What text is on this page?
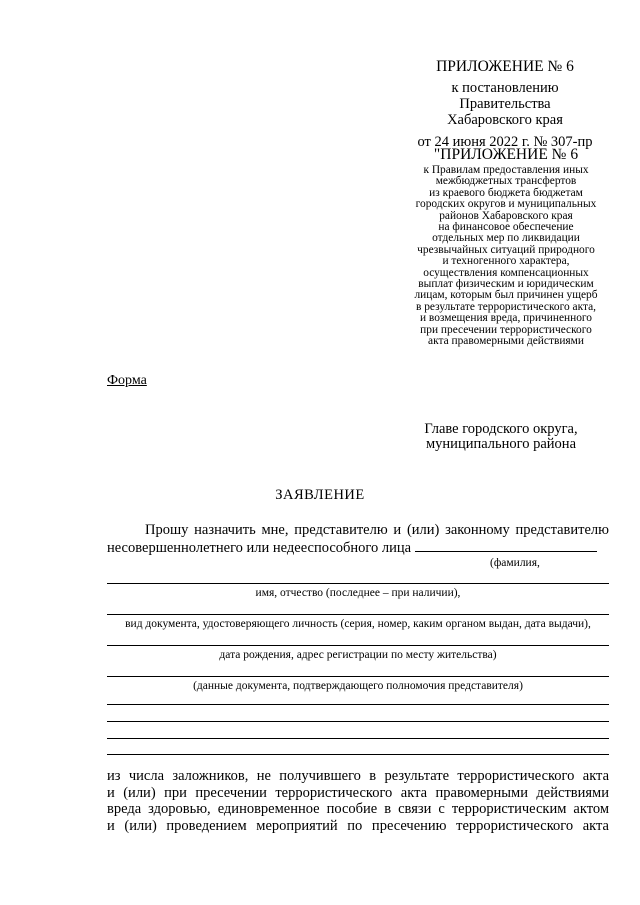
ПРИЛОЖЕНИЕ № 6
к постановлению
Правительства
Хабаровского края
от 24 июня 2022 г. № 307-пр
"ПРИЛОЖЕНИЕ № 6
к Правилам предоставления иных
межбюджетных трансфертов
из краевого бюджета бюджетам
городских округов и муниципальных
районов Хабаровского края
на финансовое обеспечение
отдельных мер по ликвидации
чрезвычайных ситуаций природного
и техногенного характера,
осуществления компенсационных
выплат физическим и юридическим
лицам, которым был причинен ущерб
в результате террористического акта,
и возмещения вреда, причиненного
при пресечении террористического
акта правомерными действиями
Форма
Главе городского округа,
муниципального района
ЗАЯВЛЕНИЕ
Прошу назначить мне, представителю и (или) законному представителю
несовершеннолетнего или недееспособного лица
(фамилия,
имя, отчество (последнее – при наличии),
вид документа, удостоверяющего личность (серия, номер, каким органом выдан, дата выдачи),
дата рождения, адрес регистрации по месту жительства)
(данные документа, подтверждающего полномочия представителя)
из числа заложников, не получившего в результате террористического акта
и (или) при пресечении террористического акта правомерными действиями
вреда здоровью, единовременное пособие в связи с террористическим актом
и (или) проведением мероприятий по пресечению террористического акта
